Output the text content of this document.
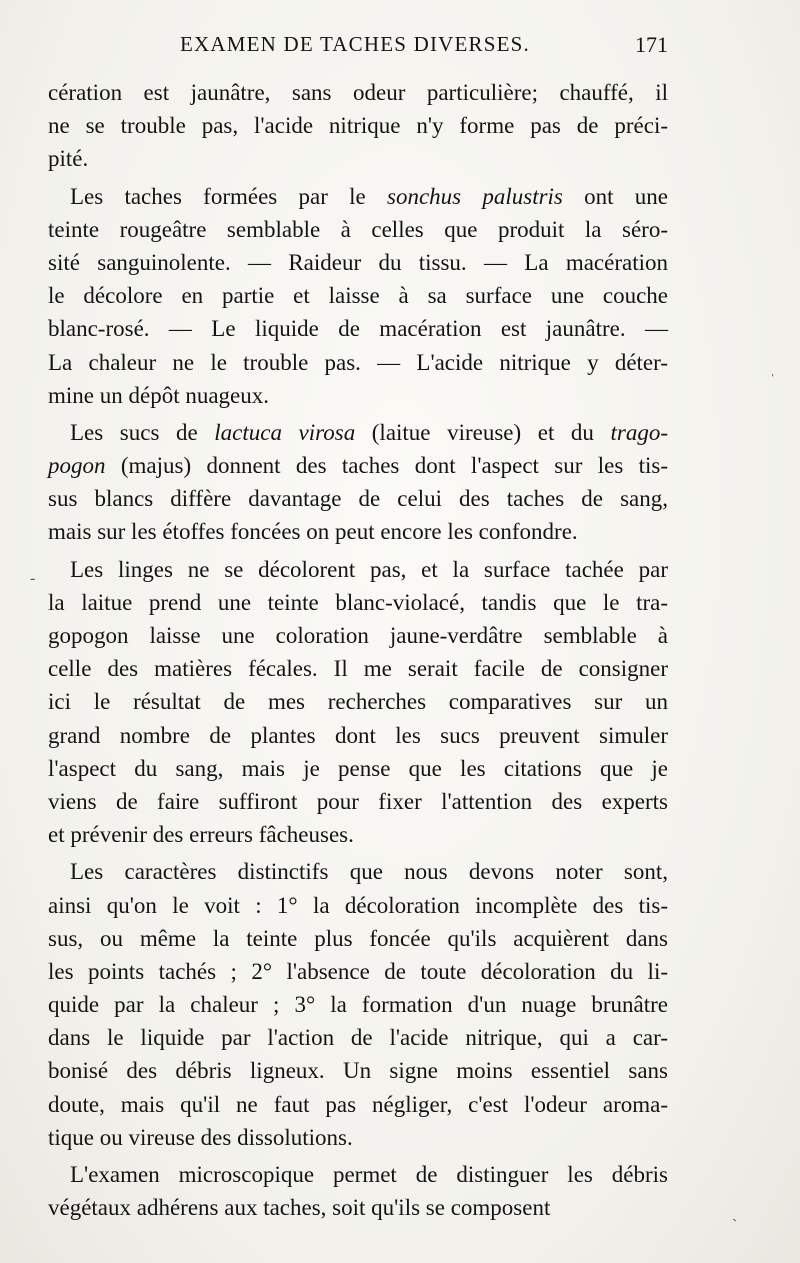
EXAMEN DE TACHES DIVERSES.	171
cération est jaunâtre, sans odeur particulière; chauffé, il
ne se trouble pas, l'acide nitrique n'y forme pas de préci-
pité.
Les taches formées par le sonchus palustris ont une
teinte rougeâtre semblable à celles que produit la séro-
sité sanguinolente. — Raideur du tissu. — La macération
le décolore en partie et laisse à sa surface une couche
blanc-rosé. — Le liquide de macération est jaunâtre. —
La chaleur ne le trouble pas. — L'acide nitrique y déter-
mine un dépôt nuageux.
Les sucs de lactuca virosa (laitue vireuse) et du trago-
pogon (majus) donnent des taches dont l'aspect sur les tis-
sus blancs diffère davantage de celui des taches de sang,
mais sur les étoffes foncées on peut encore les confondre.
Les linges ne se décolorent pas, et la surface tachée par
la laitue prend une teinte blanc-violacé, tandis que le tra-
gopogon laisse une coloration jaune-verdâtre semblable à
celle des matières fécales. Il me serait facile de consigner
ici le résultat de mes recherches comparatives sur un
grand nombre de plantes dont les sucs preuvent simuler
l'aspect du sang, mais je pense que les citations que je
viens de faire suffiront pour fixer l'attention des experts
et prévenir des erreurs fâcheuses.
Les caractères distinctifs que nous devons noter sont,
ainsi qu'on le voit : 1° la décoloration incomplète des tis-
sus, ou même la teinte plus foncée qu'ils acquièrent dans
les points tachés ; 2° l'absence de toute décoloration du li-
quide par la chaleur ; 3° la formation d'un nuage brunâtre
dans le liquide par l'action de l'acide nitrique, qui a car-
bonisé des débris ligneux. Un signe moins essentiel sans
doute, mais qu'il ne faut pas négliger, c'est l'odeur aroma-
tique ou vireuse des dissolutions.
L'examen microscopique permet de distinguer les débris
végétaux adhérens aux taches, soit qu'ils se composent
ˌ
-
ˏ
